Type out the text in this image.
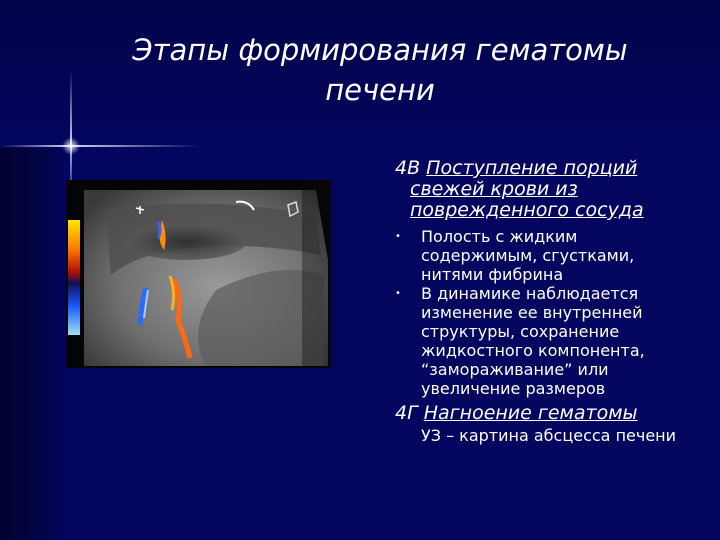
Этапы формирования гематомы печени

4В Поступление порций свежей крови из поврежденного сосуда

• Полость с жидким содержимым, сгустками, нитями фибрина
• В динамике наблюдается изменение ее внутренней структуры, сохранение жидкостного компонента, “замораживание” или увеличение размеров

4Г Нагноение гематомы

УЗ – картина абсцесса печени
